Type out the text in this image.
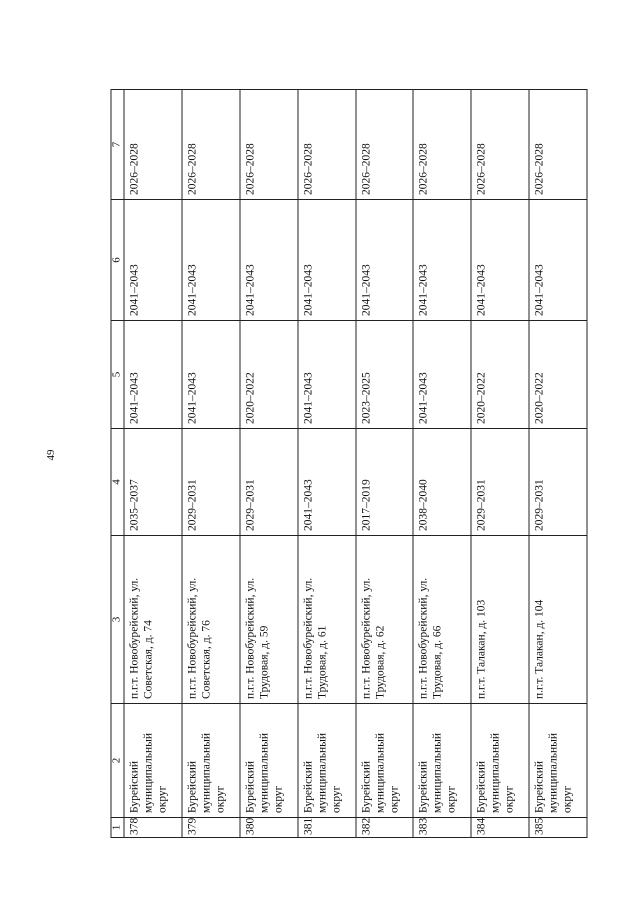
49
1	2	3	4	5	6	7
378	Бурейский муниципальный округ	п.г.т. Новобурейский, ул. Советская, д. 74	2035–2037	2041–2043	2041–2043	2026–2028
379	Бурейский муниципальный округ	п.г.т. Новобурейский, ул. Советская, д. 76	2029–2031	2041–2043	2041–2043	2026–2028
380	Бурейский муниципальный округ	п.г.т. Новобурейский, ул. Трудовая, д. 59	2029–2031	2020–2022	2041–2043	2026–2028
381	Бурейский муниципальный округ	п.г.т. Новобурейский, ул. Трудовая, д. 61	2041–2043	2041–2043	2041–2043	2026–2028
382	Бурейский муниципальный округ	п.г.т. Новобурейский, ул. Трудовая, д. 62	2017–2019	2023–2025	2041–2043	2026–2028
383	Бурейский муниципальный округ	п.г.т. Новобурейский, ул. Трудовая, д. 66	2038–2040	2041–2043	2041–2043	2026–2028
384	Бурейский муниципальный округ	п.г.т. Талакан, д. 103	2029–2031	2020–2022	2041–2043	2026–2028
385	Бурейский муниципальный округ	п.г.т. Талакан, д. 104	2029–2031	2020–2022	2041–2043	2026–2028
